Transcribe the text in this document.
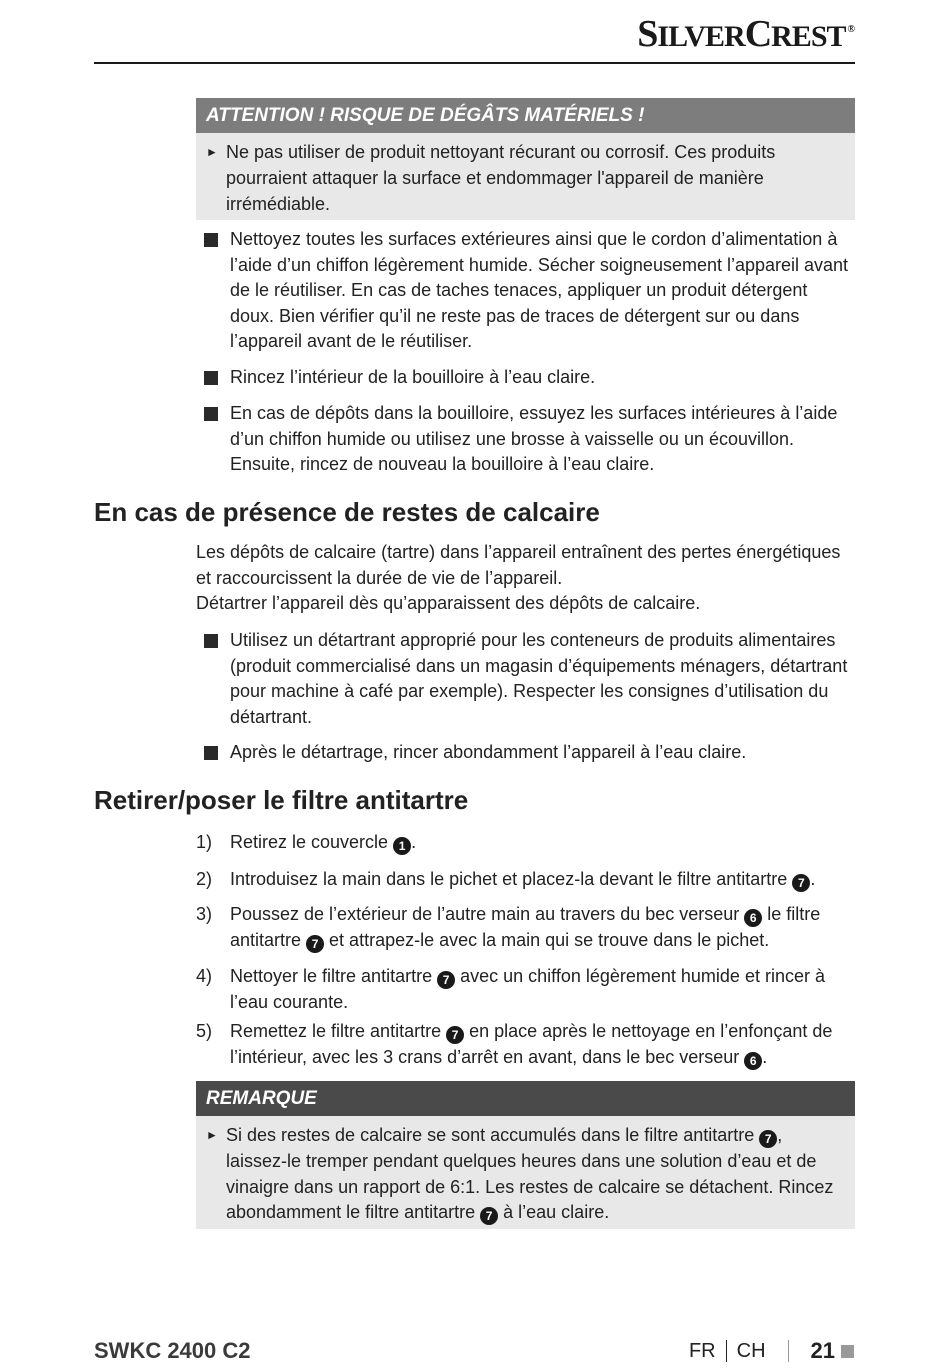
SILVERCREST ®
ATTENTION ! RISQUE DE DÉGÂTS MATÉRIELS !
► Ne pas utiliser de produit nettoyant récurant ou corrosif. Ces produits pourraient attaquer la surface et endommager l'appareil de manière irrémédiable.
Nettoyez toutes les surfaces extérieures ainsi que le cordon d’alimentation à l’aide d’un chiffon légèrement humide. Sécher soigneusement l’appareil avant de le réutiliser. En cas de taches tenaces, appliquer un produit détergent doux. Bien vérifier qu’il ne reste pas de traces de détergent sur ou dans l’appareil avant de le réutiliser.
Rincez l’intérieur de la bouilloire à l’eau claire.
En cas de dépôts dans la bouilloire, essuyez les surfaces intérieures à l’aide d’un chiffon humide ou utilisez une brosse à vaisselle ou un écouvillon. Ensuite, rincez de nouveau la bouilloire à l’eau claire.
En cas de présence de restes de calcaire
Les dépôts de calcaire (tartre) dans l’appareil entraînent des pertes énergétiques et raccourcissent la durée de vie de l’appareil.
Détartrer l’appareil dès qu’apparaissent des dépôts de calcaire.
Utilisez un détartrant approprié pour les conteneurs de produits alimentaires (produit commercialisé dans un magasin d’équipements ménagers, détartrant pour machine à café par exemple). Respecter les consignes d’utilisation du détartrant.
Après le détartrage, rincer abondamment l’appareil à l’eau claire.
Retirer/poser le filtre antitartre
1) Retirez le couvercle 1 .
2) Introduisez la main dans le pichet et placez-la devant le filtre antitartre 7 .
3) Poussez de l’extérieur de l’autre main au travers du bec verseur 6 le filtre antitartre 7 et attrapez-le avec la main qui se trouve dans le pichet.
4) Nettoyer le filtre antitartre 7 avec un chiffon légèrement humide et rincer à l’eau courante.
5) Remettez le filtre antitartre 7 en place après le nettoyage en l’enfonçant de l’intérieur, avec les 3 crans d’arrêt en avant, dans le bec verseur 6 .
REMARQUE
► Si des restes de calcaire se sont accumulés dans le filtre antitartre 7 , laissez-le tremper pendant quelques heures dans une solution d’eau et de vinaigre dans un rapport de 6:1. Les restes de calcaire se détachent. Rincez abondamment le filtre antitartre 7 à l’eau claire.
SWKC 2400 C2	FR CH 21
